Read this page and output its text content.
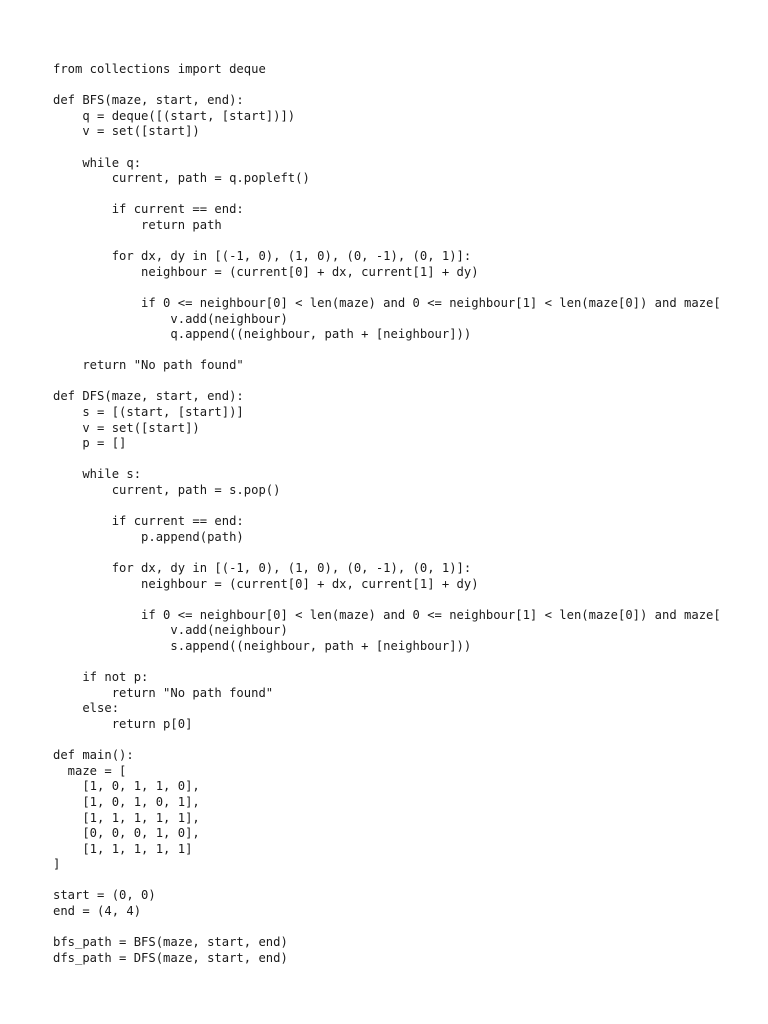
from collections import deque
def BFS(maze, start, end):
q = deque([(start, [start])])
v = set([start])
while q:
current, path = q.popleft()
if current == end:
return path
for dx, dy in [(-1, 0), (1, 0), (0, -1), (0, 1)]:
neighbour = (current[0] + dx, current[1] + dy)
if 0 <= neighbour[0] < len(maze) and 0 <= neighbour[1] < len(maze[0]) and maze[
v.add(neighbour)
q.append((neighbour, path + [neighbour]))
return "No path found"
def DFS(maze, start, end):
s = [(start, [start])]
v = set([start])
p = []
while s:
current, path = s.pop()
if current == end:
p.append(path)
for dx, dy in [(-1, 0), (1, 0), (0, -1), (0, 1)]:
neighbour = (current[0] + dx, current[1] + dy)
if 0 <= neighbour[0] < len(maze) and 0 <= neighbour[1] < len(maze[0]) and maze[
v.add(neighbour)
s.append((neighbour, path + [neighbour]))
if not p:
return "No path found"
else:
return p[0]
def main():
maze = [
[1, 0, 1, 1, 0],
[1, 0, 1, 0, 1],
[1, 1, 1, 1, 1],
[0, 0, 0, 1, 0],
[1, 1, 1, 1, 1]
]
start = (0, 0)
end = (4, 4)
bfs_path = BFS(maze, start, end)
dfs_path = DFS(maze, start, end)
